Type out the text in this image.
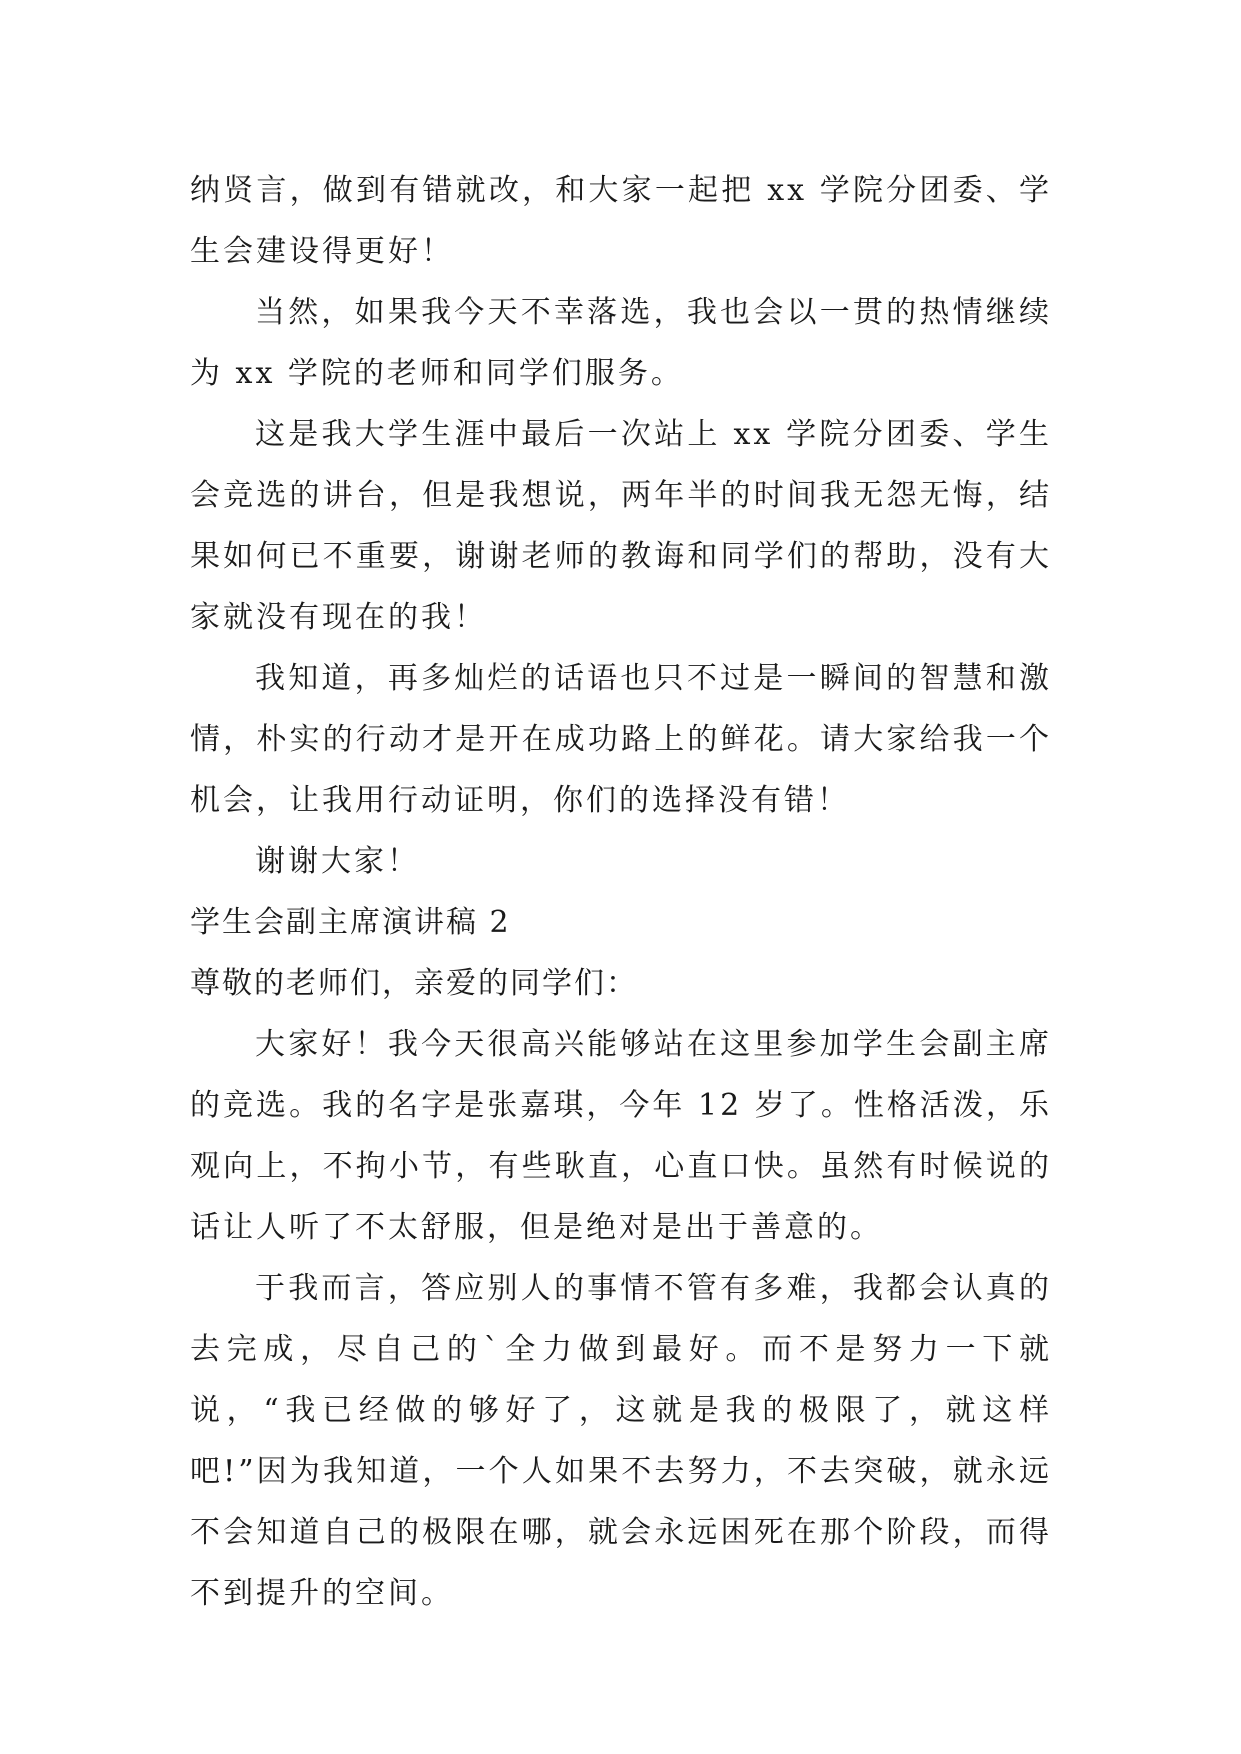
纳贤言，做到有错就改，和大家一起把 xx 学院分团委、学生会建设得更好！

当然，如果我今天不幸落选，我也会以一贯的热情继续为 xx 学院的老师和同学们服务。

这是我大学生涯中最后一次站上 xx 学院分团委、学生会竞选的讲台，但是我想说，两年半的时间我无怨无悔，结果如何已不重要，谢谢老师的教诲和同学们的帮助，没有大家就没有现在的我！

我知道，再多灿烂的话语也只不过是一瞬间的智慧和激情，朴实的行动才是开在成功路上的鲜花。请大家给我一个机会，让我用行动证明，你们的选择没有错！

谢谢大家！

学生会副主席演讲稿 2

尊敬的老师们，亲爱的同学们：

大家好！我今天很高兴能够站在这里参加学生会副主席的竞选。我的名字是张嘉琪，今年 12 岁了。性格活泼，乐观向上，不拘小节，有些耿直，心直口快。虽然有时候说的话让人听了不太舒服，但是绝对是出于善意的。

于我而言，答应别人的事情不管有多难，我都会认真的去完成，尽自己的`全力做到最好。而不是努力一下就说，“我已经做的够好了，这就是我的极限了，就这样吧!”因为我知道，一个人如果不去努力，不去突破，就永远不会知道自己的极限在哪，就会永远困死在那个阶段，而得不到提升的空间。
